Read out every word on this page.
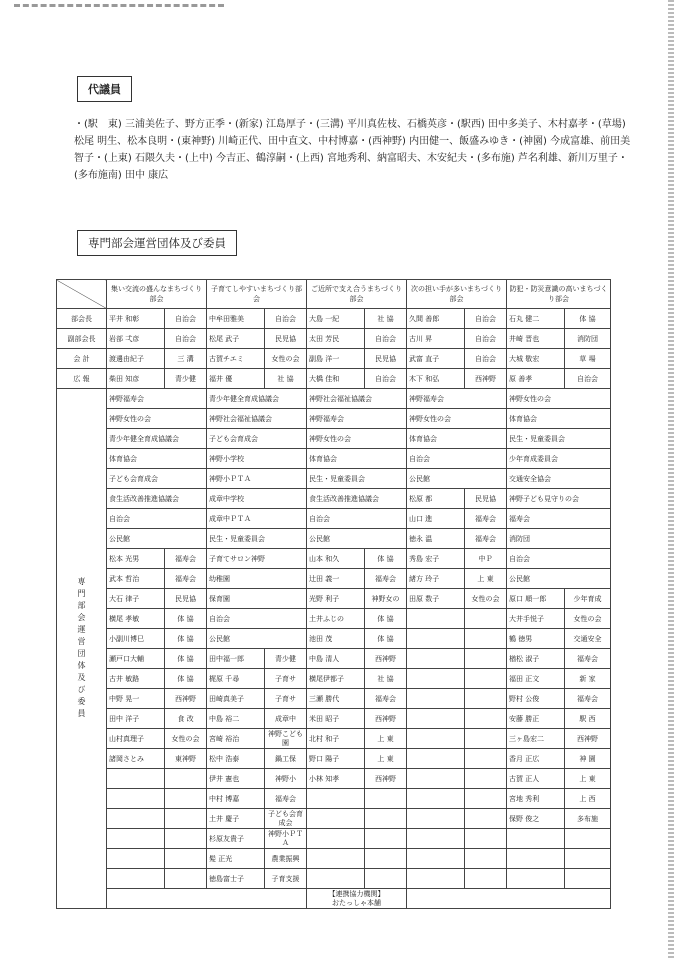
代議員
・(駅　東) 三浦美佐子、野方正季・(新家) 江島厚子・(三溝) 平川真佐枝、石橋英彦・(駅西) 田中多美子、木村嘉孝・(草場) 松尾 明生、松本良明・(東神野) 川崎正代、田中直文、中村博嘉・(西神野) 内田健一、飯盛みゆき・(神園) 今成富雄、前田美智子・(上東) 石隈久夫・(上中) 今吉正、鶴淳嗣・(上西) 宮地秀利、納富昭夫、木安紀夫・(多布施) 芦名利雄、新川万里子・(多布施南) 田中 康広
専門部会運営団体及び委員
	集い交流の盛んなまちづくり部会		子育てしやすいまちづくり部会		ご近所で支え合うまちづくり部会		次の担い手が多いまちづくり部会		防犯・防災意識の高いまちづくり部会	
部会長	平井 和彰	自治会	中牟田雅美	自治会	大島 一紀	社 協	久間 善郎	自治会	石丸 健二	体 協
副部会長	岩部 弌彦	自治会	松尾 武子	民児協	太田 芳民	自治会	古川 昇	自治会	井崎 晋也	消防団
会 計	渡邊由紀子	三 溝	古賀チエミ	女性の会	副島 洋一	民児協	武富 直子	自治会	大城 敬宏	草 場
広 報	柴田 知彦	青少健	福井 優	社 協	大橋 佳和	自治会	木下 和弘	西神野	原 善孝	自治会
専門部会運営団体及び委員	神野福寿会		青少年健全育成協議会		神野社会福祉協議会		神野福寿会		神野女性の会	
	神野女性の会		神野社会福祉協議会		神野福寿会		神野女性の会		体育協会	
	青少年健全育成協議会		子ども会育成会		神野女性の会		体育協会		民生・児童委員会	
	体育協会		神野小学校		体育協会		自治会		少年育成委員会	
	子ども会育成会		神野小ＰＴＡ		民生・児童委員会		公民館		交通安全協会	
	食生活改善推進協議会		成章中学校		食生活改善推進協議会		松原 都	民児協	神野子ども見守りの会	
	自治会		成章中ＰＴＡ		自治会		山口 進	福寿会	福寿会	
	公民館		民生・児童委員会		公民館		徳永 温	福寿会	消防団	
	松本 光男	福寿会	子育てサロン神野		山本 和久	体 協	秀島 宏子	中Ｐ	自治会	
	武本 哲治	福寿会	幼稚園		辻田 義一	福寿会	緒方 玲子	上 東	公民館	
	大石 律子	民児協	保育園		光野 利子	神野女の	田原 数子	女性の会	原口 順一郎	少年育成
	横尾 孝敏	体 協	自治会		土井ふじの	体 協			大井手悦子	女性の会
	小副川博巳	体 協	公民館		池田 茂	体 協			鶴 徳男	交通安全
	瀬戸口大輔	体 協	田中福一郎	青少健	中島 清人	西神野			楢松 淑子	福寿会
	古井 敏路	体 協	梶原 千尋	子育サ	横尾伊都子	社 協			福田 正文	新 家
	中野 晃一	西神野	田崎真美子	子育サ	三瀬 勝代	福寿会			野村 公俊	福寿会
	田中 洋子	食 改	中島 裕二	成章中	米田 昭子	西神野			安藤 勝正	駅 西
	山村真理子	女性の会	宮崎 裕治	神野こども園	北村 和子	上 東			三ヶ島宏二	西神野
	諸岡さとみ	東神野	松中 浩泰	鍋工保	野口 陽子	上 東			香月 正広	神 園
			伊井 憲也	神野小	小林 知孝	西神野			古賀 正人	上 東
			中村 博嘉	福寿会					宮地 秀利	上 西
			土井 慶子	子ども会育成会					保野 俊之	多布施
			杉原友貴子	神野小ＰＴＡ						
			髪 正光	農業振興						
			徳島富士子	子育支援						

					【連携協力機関】
おたっしゃ本舗					
